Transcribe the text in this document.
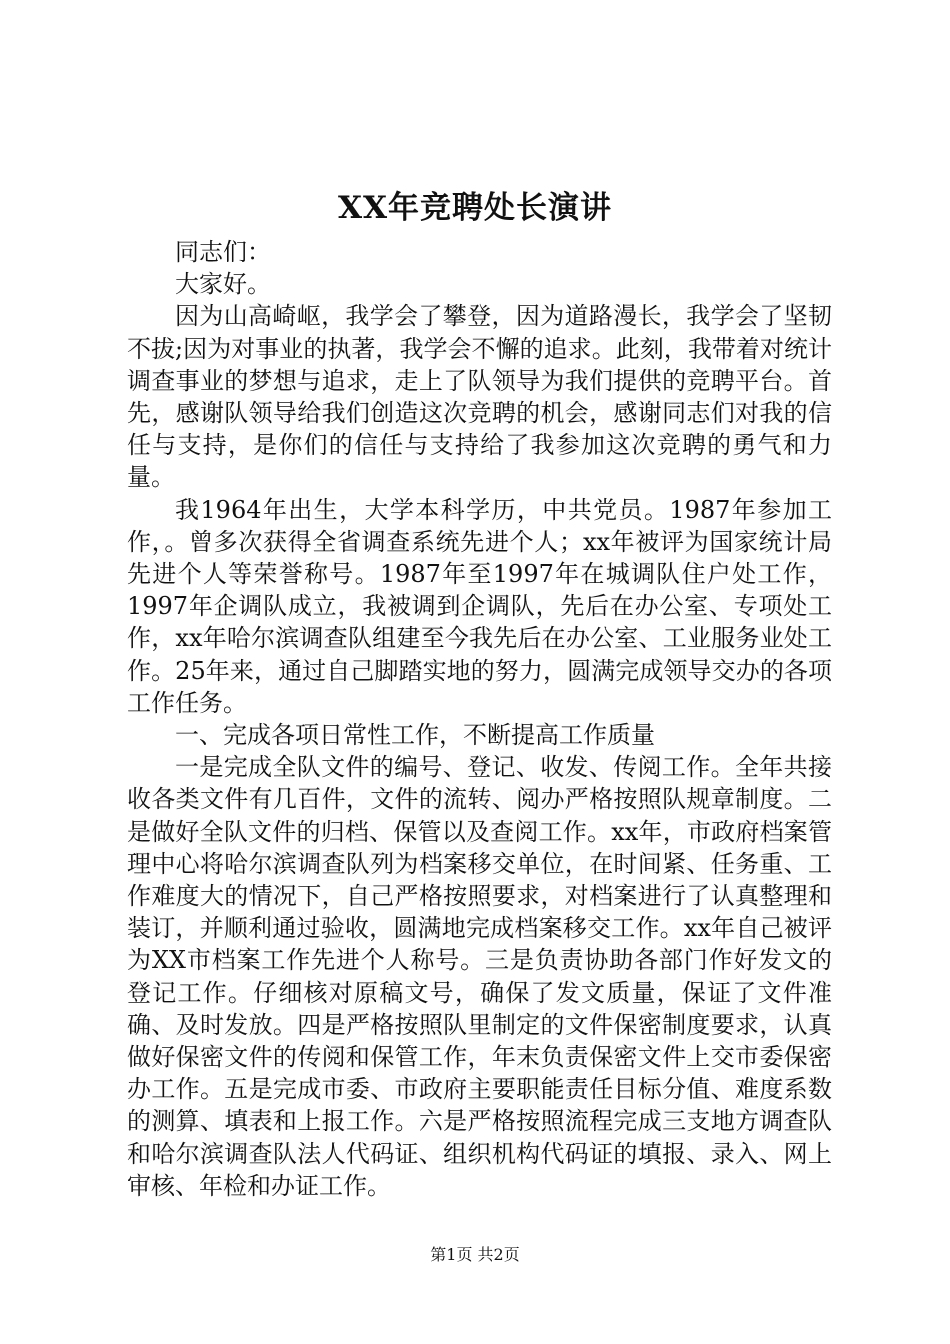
XX年竞聘处长演讲

同志们：

大家好。

因为山高崎岖，我学会了攀登，因为道路漫长，我学会了坚韧不拔;因为对事业的执著，我学会不懈的追求。此刻，我带着对统计调查事业的梦想与追求，走上了队领导为我们提供的竞聘平台。首先，感谢队领导给我们创造这次竞聘的机会，感谢同志们对我的信任与支持，是你们的信任与支持给了我参加这次竞聘的勇气和力量。

我1964年出生，大学本科学历，中共党员。1987年参加工作，。曾多次获得全省调查系统先进个人；xx年被评为国家统计局先进个人等荣誉称号。1987年至1997年在城调队住户处工作，1997年企调队成立，我被调到企调队，先后在办公室、专项处工作，xx年哈尔滨调查队组建至今我先后在办公室、工业服务业处工作。25年来，通过自己脚踏实地的努力，圆满完成领导交办的各项工作任务。

一、完成各项日常性工作，不断提高工作质量

一是完成全队文件的编号、登记、收发、传阅工作。全年共接收各类文件有几百件，文件的流转、阅办严格按照队规章制度。二是做好全队文件的归档、保管以及查阅工作。xx年，市政府档案管理中心将哈尔滨调查队列为档案移交单位，在时间紧、任务重、工作难度大的情况下，自己严格按照要求，对档案进行了认真整理和装订，并顺利通过验收，圆满地完成档案移交工作。xx年自己被评为XX市档案工作先进个人称号。三是负责协助各部门作好发文的登记工作。仔细核对原稿文号，确保了发文质量，保证了文件准确、及时发放。四是严格按照队里制定的文件保密制度要求，认真做好保密文件的传阅和保管工作，年末负责保密文件上交市委保密办工作。五是完成市委、市政府主要职能责任目标分值、难度系数的测算、填表和上报工作。六是严格按照流程完成三支地方调查队和哈尔滨调查队法人代码证、组织机构代码证的填报、录入、网上审核、年检和办证工作。

第1页 共2页
